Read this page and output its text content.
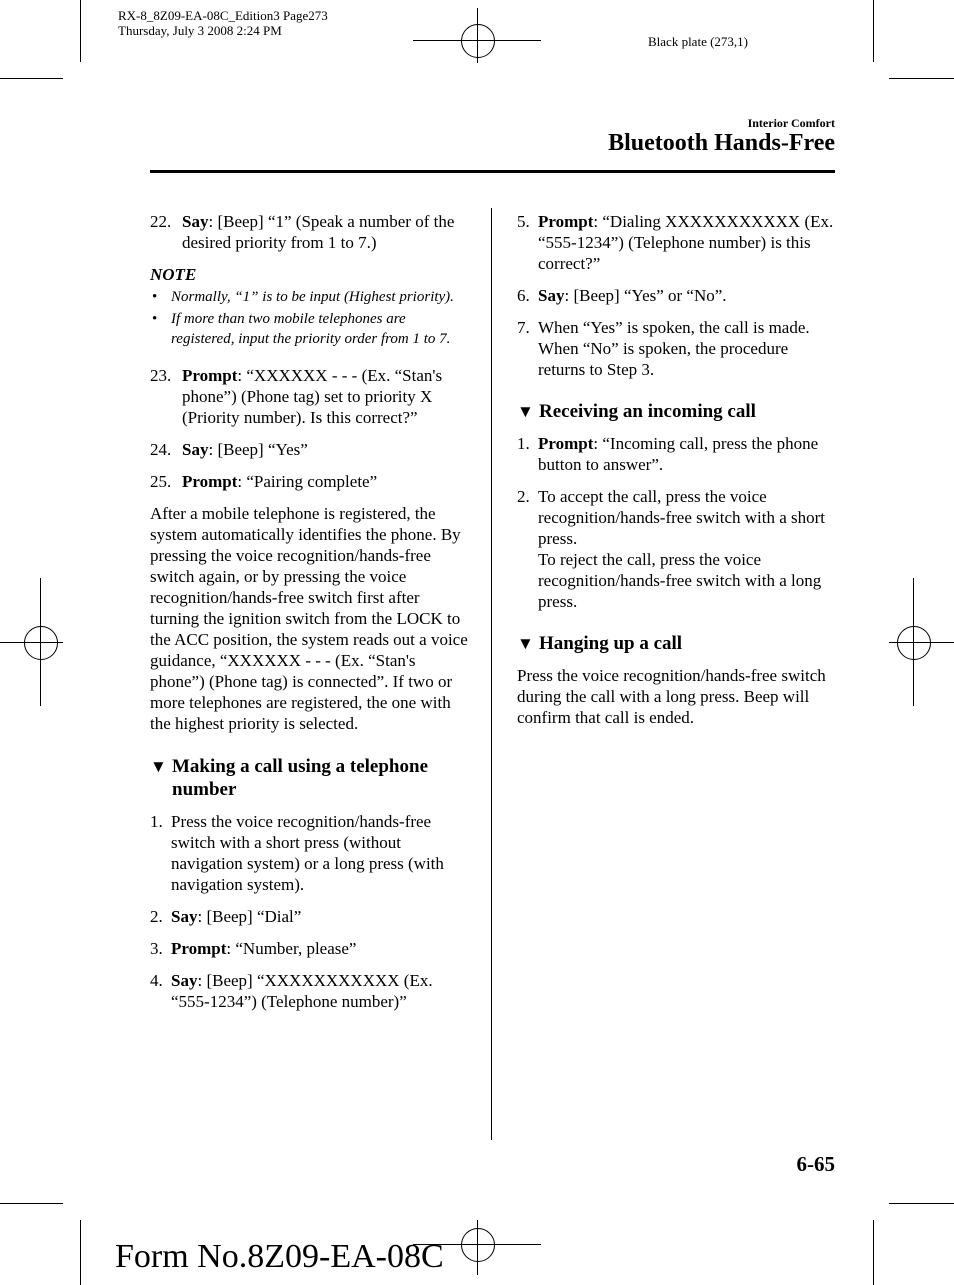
RX-8_8Z09-EA-08C_Edition3 Page273
Thursday, July 3 2008 2:24 PM
Black plate (273,1)
Interior Comfort
Bluetooth Hands-Free
22. Say: [Beep] “1” (Speak a number of the desired priority from 1 to 7.)
NOTE
• Normally, “1” is to be input (Highest priority).
• If more than two mobile telephones are registered, input the priority order from 1 to 7.
23. Prompt: “XXXXXX - - - (Ex. “Stan's phone”) (Phone tag) set to priority X (Priority number). Is this correct?”
24. Say: [Beep] “Yes”
25. Prompt: “Pairing complete”
After a mobile telephone is registered, the system automatically identifies the phone. By pressing the voice recognition/hands-free switch again, or by pressing the voice recognition/hands-free switch first after turning the ignition switch from the LOCK to the ACC position, the system reads out a voice guidance, “XXXXXX - - - (Ex. “Stan's phone”) (Phone tag) is connected”. If two or more telephones are registered, the one with the highest priority is selected.
▼ Making a call using a telephone number
1. Press the voice recognition/hands-free switch with a short press (without navigation system) or a long press (with navigation system).
2. Say: [Beep] “Dial”
3. Prompt: “Number, please”
4. Say: [Beep] “XXXXXXXXXXX (Ex. “555-1234”) (Telephone number)”
5. Prompt: “Dialing XXXXXXXXXXX (Ex. “555-1234”) (Telephone number) is this correct?”
6. Say: [Beep] “Yes” or “No”.
7. When “Yes” is spoken, the call is made.
When “No” is spoken, the procedure returns to Step 3.
▼ Receiving an incoming call
1. Prompt: “Incoming call, press the phone button to answer”.
2. To accept the call, press the voice recognition/hands-free switch with a short press.
To reject the call, press the voice recognition/hands-free switch with a long press.
▼ Hanging up a call
Press the voice recognition/hands-free switch during the call with a long press. Beep will confirm that call is ended.
6-65
Form No.8Z09-EA-08C
